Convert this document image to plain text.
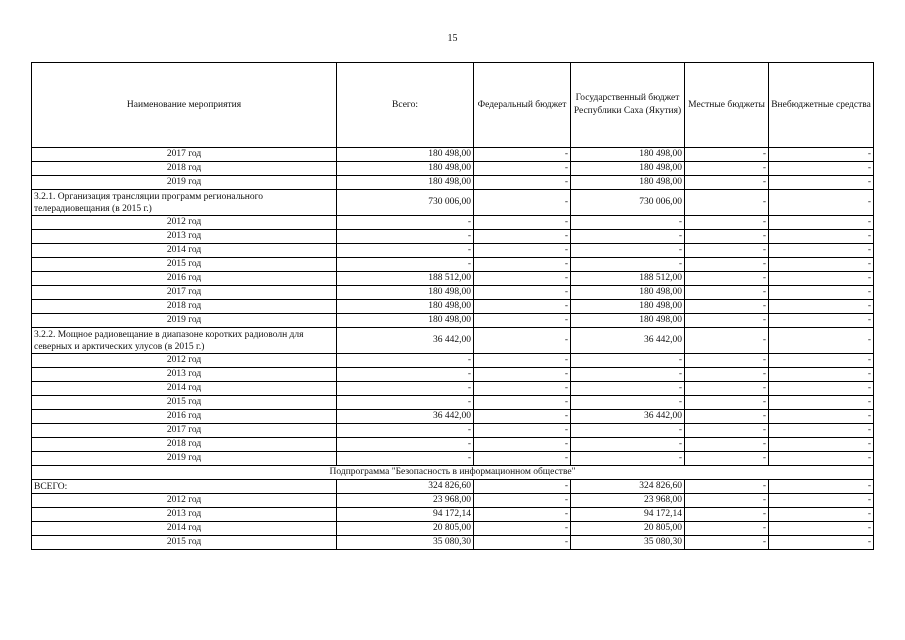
15
Наименование мероприятия	Всего:	Федеральный бюджет	Государственный бюджет Республики Саха (Якутия)	Местные бюджеты	Внебюджетные средства
2017 год	180 498,00	-	180 498,00	-	-
2018 год	180 498,00	-	180 498,00	-	-
2019 год	180 498,00	-	180 498,00	-	-
3.2.1. Организация трансляции программ регионального телерадиовещания (в 2015 г.)	730 006,00	-	730 006,00	-	-
2012 год	-	-	-	-	-
2013 год	-	-	-	-	-
2014 год	-	-	-	-	-
2015 год	-	-	-	-	-
2016 год	188 512,00	-	188 512,00	-	-
2017 год	180 498,00	-	180 498,00	-	-
2018 год	180 498,00	-	180 498,00	-	-
2019 год	180 498,00	-	180 498,00	-	-
3.2.2. Мощное радиовещание в диапазоне коротких радиоволн для северных и арктических улусов (в 2015 г.)	36 442,00	-	36 442,00	-	-
2012 год	-	-	-	-	-
2013 год	-	-	-	-	-
2014 год	-	-	-	-	-
2015 год	-	-	-	-	-
2016 год	36 442,00	-	36 442,00	-	-
2017 год	-	-	-	-	-
2018 год	-	-	-	-	-
2019 год	-	-	-	-	-
Подпрограмма "Безопасность в информационном обществе"					
ВСЕГО:	324 826,60	-	324 826,60	-	-
2012 год	23 968,00	-	23 968,00	-	-
2013 год	94 172,14	-	94 172,14	-	-
2014 год	20 805,00	-	20 805,00	-	-
2015 год	35 080,30	-	35 080,30	-	-
